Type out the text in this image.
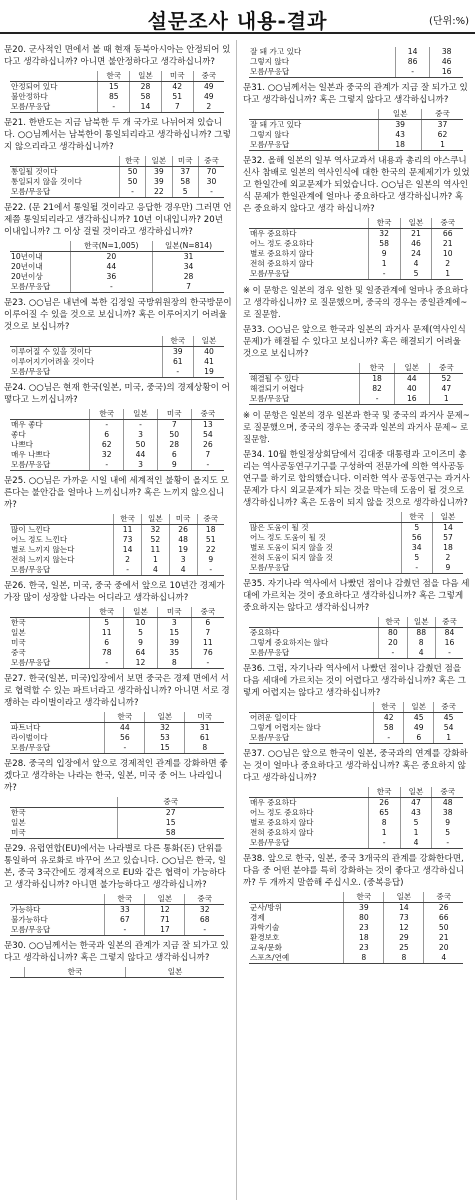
설문조사 내용-결과	(단위:%)
문20. 군사적인 면에서 볼 때 현재 동북아시아는 안정되어 있다고 생각하십니까? 아니면 불안정하다고 생각하십니까?
	한국	일본	미국	중국
안정되어 있다	15	28	42	49
불안정하다	85	58	51	49
모름/무응답	-	14	7	2
문21. 한반도는 지금 남북한 두 개 국가로 나뉘어져 있습니다. ○○님께서는 남북한이 통일되리라고 생각하십니까? 그렇지 않으리라고 생각하십니까?
	한국	일본	미국	중국
통일될 것이다	50	39	37	70
통일되지 않을 것이다	50	39	58	30
모름/무응답	-	22	5	-
문22. (문 21에서 통일될 것이라고 응답한 경우만) 그러면 언제쯤 통일되리라고 생각하십니까? 10년 이내입니까? 20년 이내입니까? 그 이상 걸릴 것이라고 생각하십니까?
	한국(N=1,005)	일본(N=814)
10년이내	20	31
20년이내	44	34
20년이상	36	28
모름/무응답	-	7
문23. ○○님은 내년에 북한 김정일 국방위원장의 한국방문이 이루어질 수 있을 것으로 보십니까? 혹은 이루어지기 어려울 것으로 보십니까?
	한국	일본
이루어질 수 있을 것이다	39	40
이루어지기어려울 것이다	61	41
모름/무응답	-	19
문24. ○○님은 현재 한국(일본, 미국, 중국)의 경제상황이 어떻다고 느끼십니까?
	한국	일본	미국	중국
매우 좋다	-	-	7	13
좋다	6	3	50	54
나쁘다	62	50	28	26
매우 나쁘다	32	44	6	7
모름/무응답	-	3	9	-
문25. ○○님은 가까운 시일 내에 세계적인 불황이 올지도 모른다는 불안감을 얼마나 느끼십니까? 혹은 느끼지 않으십니까?
	한국	일본	미국	중국
많이 느낀다	11	32	26	18
어느 정도 느낀다	73	52	48	51
별로 느끼지 않는다	14	11	19	22
전혀 느끼지 않는다	2	1	3	9
모름/무응답	-	4	4	-
문26. 한국, 일본, 미국, 중국 중에서 앞으로 10년간 경제가 가장 많이 성장할 나라는 어디라고 생각하십니까?
	한국	일본	미국	중국
한국	5	10	3	6
일본	11	5	15	7
미국	6	9	39	11
중국	78	64	35	76
모름/무응답	-	12	8	-
문27. 한국(일본, 미국)입장에서 보면 중국은 경제 면에서 서로 협력할 수 있는 파트너라고 생각하십니까? 아니면 서로 경쟁하는 라이벌이라고 생각하십니까?
	한국	일본	미국
파트너다	44	32	31
라이벌이다	56	53	61
모름/무응답	-	15	8
문28. 중국의 입장에서 앞으로 경제적인 관계를 강화하면 좋겠다고 생각하는 나라는 한국, 일본, 미국 중 어느 나라입니까?
	중국
한국	27
일본	15
미국	58
문29. 유럽연합(EU)에서는 나라별로 다른 통화(돈) 단위를 통일하여 유로화로 바꾸어 쓰고 있습니다. ○○님은 한국, 일본, 중국 3국간에도 경제적으로 EU와 같은 협력이 가능하다고 생각하십니까? 아니면 불가능하다고 생각하십니까?
	한국	일본	중국
가능하다	33	12	32
불가능하다	67	71	68
모름/무응답	-	17	-
문30. ○○님께서는 한국과 일본의 관계가 지금 잘 되가고 있다고 생각하십니까? 혹은 그렇지 않다고 생각하십니까?
	한국	일본
잘 돼 가고 있다	14	38
그렇지 않다	86	46
모름/무응답	-	16
문31. ○○님께서는 일본과 중국의 관계가 지금 잘 되가고 있다고 생각하십니까? 혹은 그렇지 않다고 생각하십니까?
	일본	중국
잘 돼 가고 있다	39	37
그렇지 않다	43	62
모름/무응답	18	1
문32. 올해 일본의 일부 역사교과서 내용과 총리의 야스쿠니신사 참배로 일본의 역사인식에 대한 한국의 문제제기가 있었고 한일간에 외교문제가 되었습니다. ○○님은 일본의 역사인식 문제가 한일관계에 얼마나 중요하다고 생각하십니까? 혹은 중요하지 않다고 생각 하십니까?
	한국	일본	중국
매우 중요하다	32	21	66
어느 정도 중요하다	58	46	21
별로 중요하지 않다	9	24	10
전혀 중요하지 않다	1	4	2
모름/무응답	-	5	1
※ 이 문항은 일본의 경우 일한 및 일중관계에 얼마나 중요하다고 생각하십니까? 로 질문했으며, 중국의 경우는 중일관계에~ 로 질문함.
문33. ○○님은 앞으로 한국과 일본의 과거사 문제(역사인식문제)가 해결될 수 있다고 보십니까? 혹은 해결되기 어려울 것으로 보십니까?
	한국	일본	중국
해결될 수 있다	18	44	52
해결되기 어렵다	82	40	47
모름/무응답	-	16	1
※ 이 문항은 일본의 경우 일본과 한국 및 중국의 과거사 문제~ 로 질문했으며, 중국의 경우는 중국과 일본의 과거사 문제~ 로 질문함.
문34. 10월 한일정상회담에서 김대중 대통령과 고이즈미 총리는 역사공동연구기구를 구성하여 전문가에 의한 역사공동연구를 하기로 합의했습니다. 이러한 역사 공동연구는 과거사 문제가 다시 외교문제가 되는 것을 막는데 도움이 될 것으로 생각하십니까? 혹은 도움이 되지 않을 것으로 생각하십니까?
	한국	일본
많은 도움이 될 것	5	14
어느 정도 도움이 될 것	56	57
별로 도움이 되지 않을 것	34	18
전혀 도움이 되지 않을 것	5	2
모름/무응답	-	9
문35. 자기나라 역사에서 나빴던 점이나 감췄던 점을 다음 세대에 가르치는 것이 중요하다고 생각하십니까? 혹은 그렇게 중요하지는 않다고 생각하십니까?
	한국	일본	중국
중요하다	80	88	84
그렇게 중요하지는 않다	20	8	16
모름/무응답	-	4	-
문36. 그럼, 자기나라 역사에서 나빴던 점이나 감췄던 점을 다음 세대에 가르치는 것이 어렵다고 생각하십니까? 혹은 그렇게 어렵지는 않다고 생각하십니까?
	한국	일본	중국
어려운 일이다	42	45	45
그렇게 어렵지는 않다	58	49	54
모름/무응답	-	6	1
문37. ○○님은 앞으로 한국이 일본, 중국과의 연계를 강화하는 것이 얼마나 중요하다고 생각하십니까? 혹은 중요하지 않다고 생각하십니까?
	한국	일본	중국
매우 중요하다	26	47	48
어느 정도 중요하다	65	43	38
별로 중요하지 않다	8	5	9
전혀 중요하지 않다	1	1	5
모름/무응답	-	4	-
문38. 앞으로 한국, 일본, 중국 3개국의 관계를 강화한다면, 다음 중 어떤 분야를 특히 강화하는 것이 좋다고 생각하십니까? 두 개까지 말씀해 주십시오. (중복응답)
	한국	일본	중국
군사/방위	39	14	26
경제	80	73	66
과학기술	23	12	50
환경보호	18	29	21
교육/문화	23	25	20
스포츠/연예	8	8	4
